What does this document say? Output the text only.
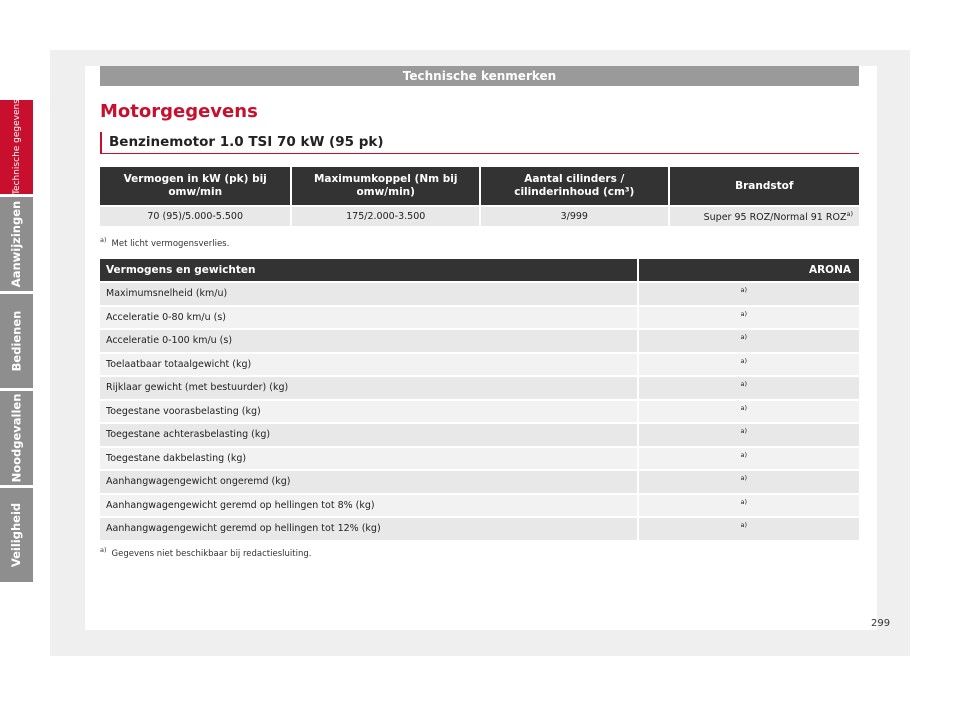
Technische kenmerken
Motorgegevens
Benzinemotor 1.0 TSI 70 kW (95 pk)
Vermogen in kW (pk) bij omw/min	Maximumkoppel (Nm bij omw/min)	Aantal cilinders / cilinderinhoud (cm³)	Brandstof
70 (95)/5.000-5.500	175/2.000-3.500	3/999	Super 95 ROZ/Normal 91 ROZ$^{a)}$
$^{a)}$ Met licht vermogensverlies.
Vermogens en gewichten	ARONA
Maximumsnelheid (km/u)	$^{a)}$
Acceleratie 0-80 km/u (s)	$^{a)}$
Acceleratie 0-100 km/u (s)	$^{a)}$
Toelaatbaar totaalgewicht (kg)	$^{a)}$
Rijklaar gewicht (met bestuurder) (kg)	$^{a)}$
Toegestane voorasbelasting (kg)	$^{a)}$
Toegestane achterasbelasting (kg)	$^{a)}$
Toegestane dakbelasting (kg)	$^{a)}$
Aanhangwagengewicht ongeremd (kg)	$^{a)}$
Aanhangwagengewicht geremd op hellingen tot 8% (kg)	$^{a)}$
Aanhangwagengewicht geremd op hellingen tot 12% (kg)	$^{a)}$
$^{a)}$ Gegevens niet beschikbaar bij redactiesluiting.
Technische gegevens
Aanwijzingen
Bedienen
Noodgevallen
Veiligheid
299
